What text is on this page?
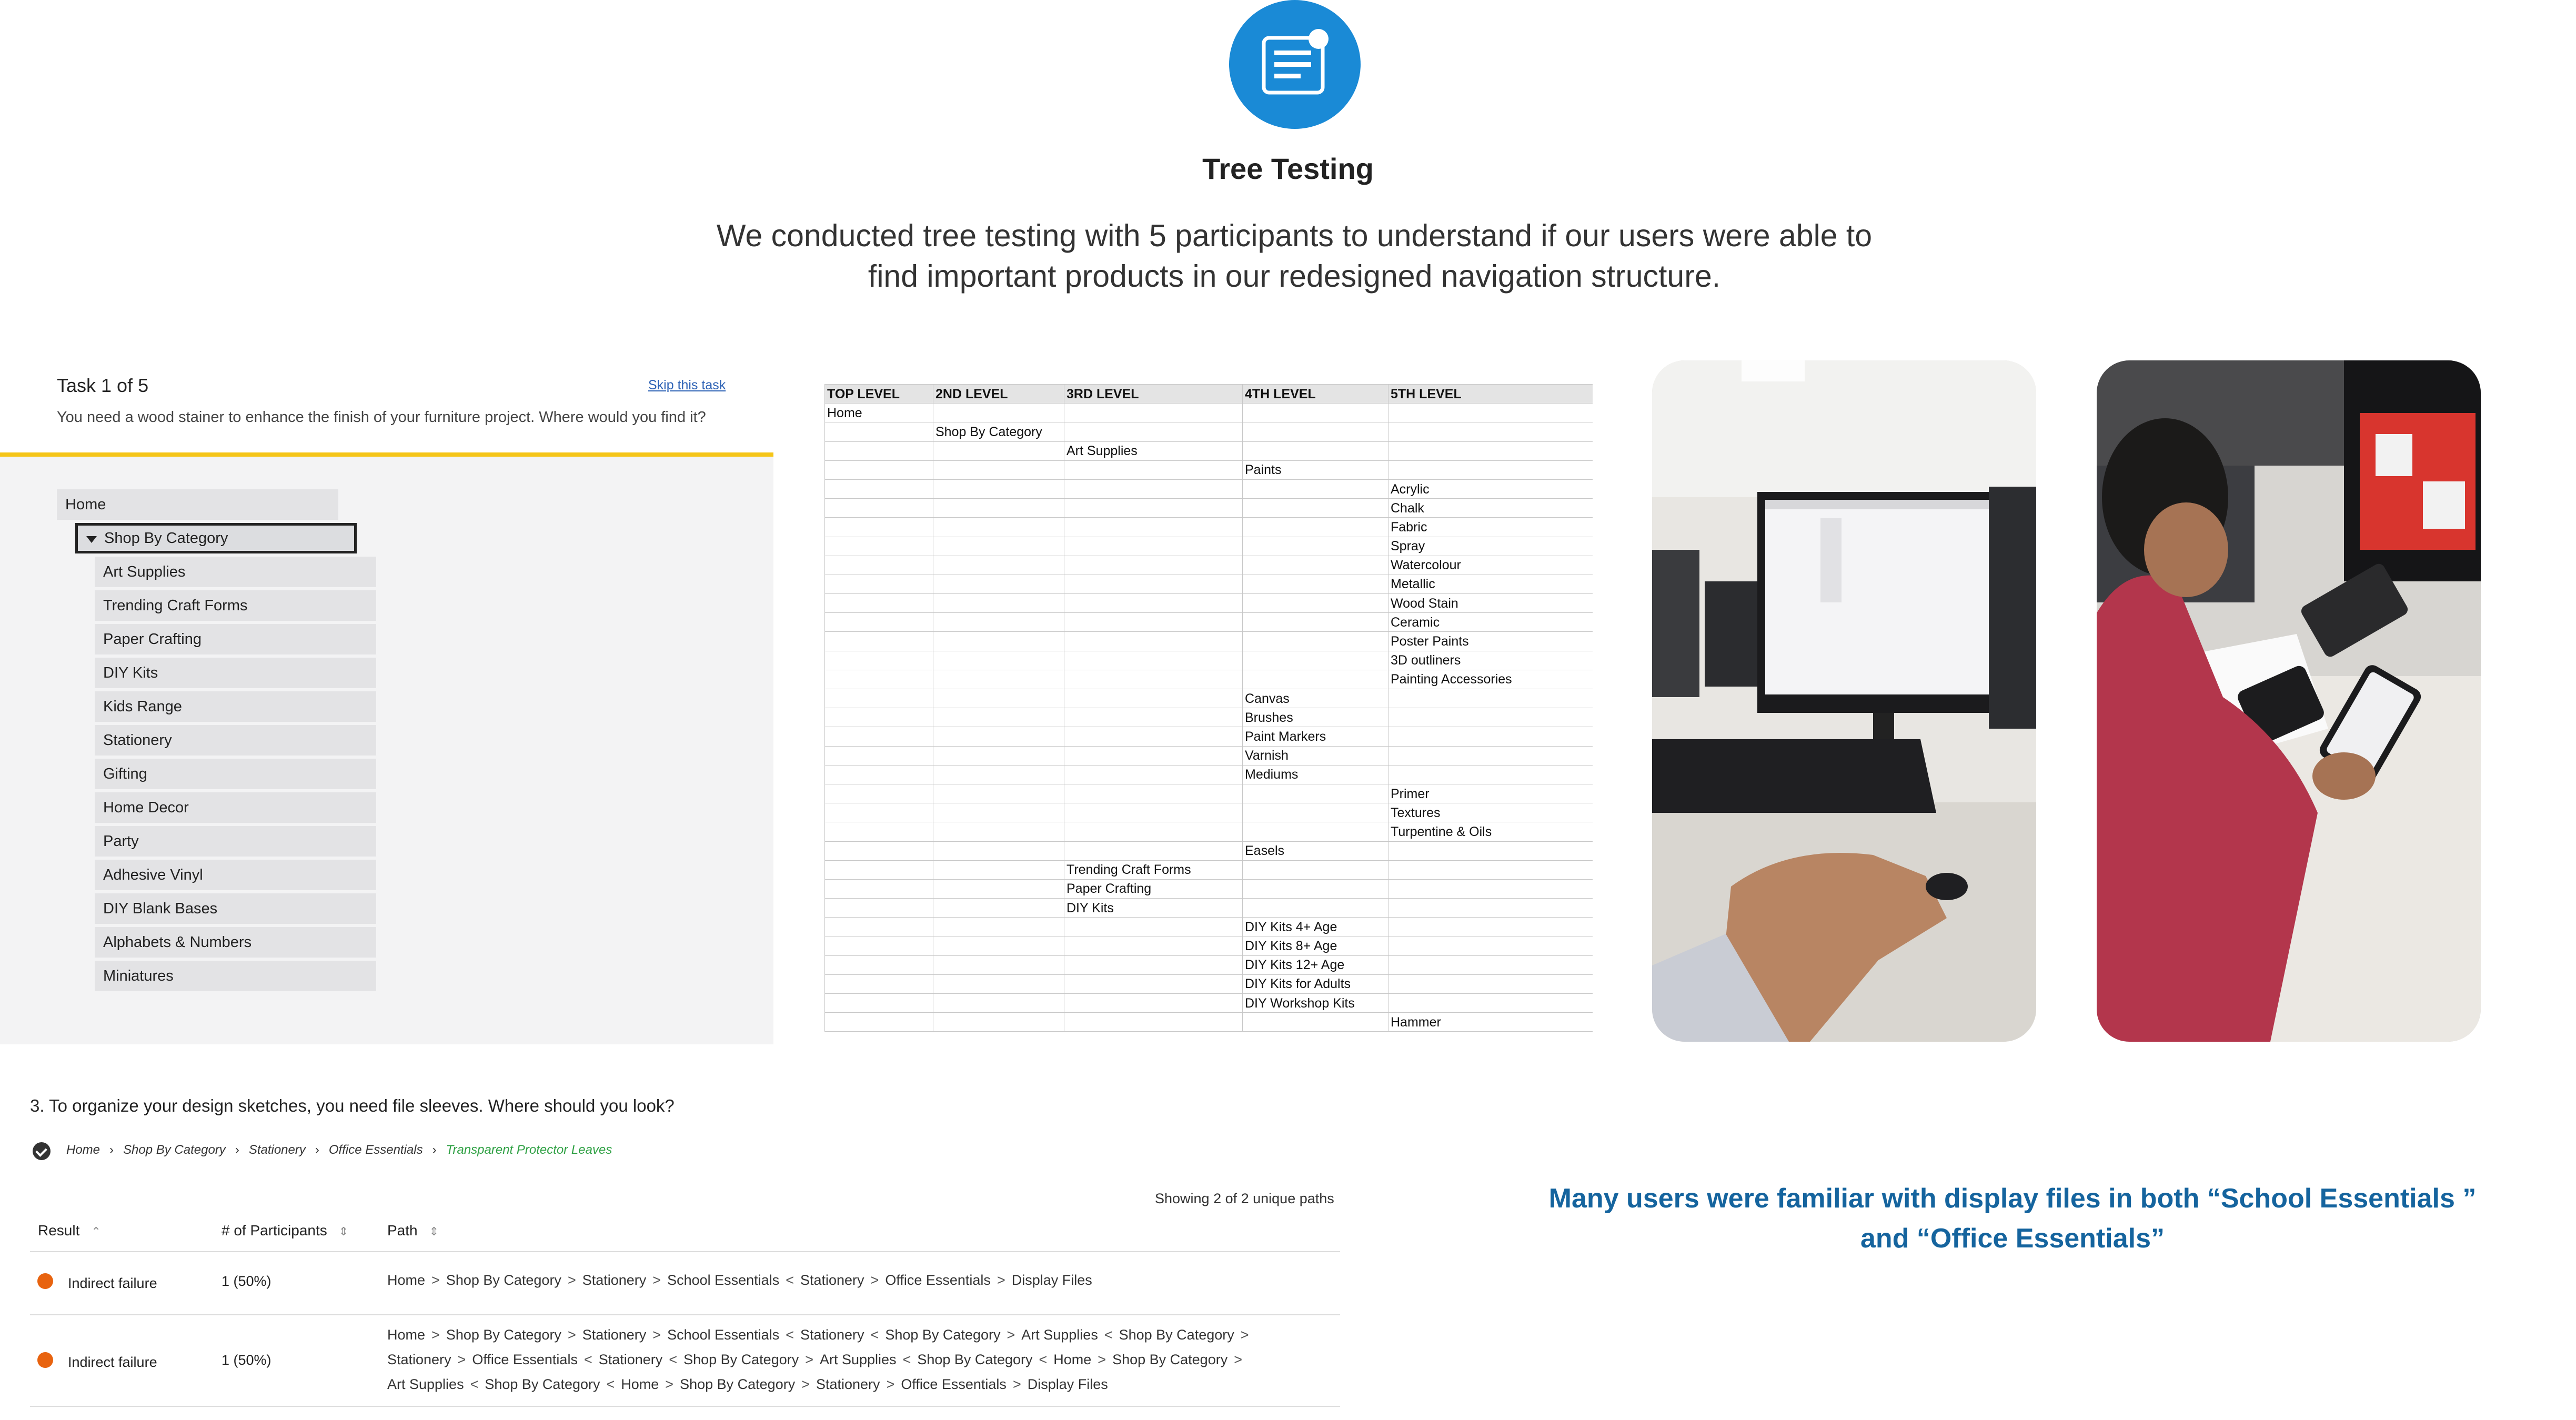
Tree Testing
We conducted tree testing with 5 participants to understand if our users were able to
find important products in our redesigned navigation structure.
Task 1 of 5	Skip this task
You need a wood stainer to enhance the finish of your furniture project. Where would you find it?
Home
Shop By Category
Art Supplies
Trending Craft Forms
Paper Crafting
DIY Kits
Kids Range
Stationery
Gifting
Home Decor
Party
Adhesive Vinyl
DIY Blank Bases
Alphabets & Numbers
Miniatures
TOP LEVEL	2ND LEVEL	3RD LEVEL	4TH LEVEL	5TH LEVEL
Home				
	Shop By Category			
		Art Supplies		
			Paints	
				Acrylic
				Chalk
				Fabric
				Spray
				Watercolour
				Metallic
				Wood Stain
				Ceramic
				Poster Paints
				3D outliners
				Painting Accessories
			Canvas	
			Brushes	
			Paint Markers	
			Varnish	
			Mediums	
				Primer
				Textures
				Turpentine & Oils
			Easels	
		Trending Craft Forms		
		Paper Crafting		
		DIY Kits		
			DIY Kits 4+ Age	
			DIY Kits 8+ Age	
			DIY Kits 12+ Age	
			DIY Kits for Adults	
			DIY Workshop Kits	
				Hammer
3. To organize your design sketches, you need file sleeves. Where should you look?
Home › Shop By Category › Stationery › Office Essentials › Transparent Protector Leaves
Showing 2 of 2 unique paths
Result ⌃	# of Participants ⇕	Path ⇕
Indirect failure	1 (50%)	Home > Shop By Category > Stationery > School Essentials < Stationery > Office Essentials > Display Files
Indirect failure	1 (50%)
Home > Shop By Category > Stationery > School Essentials < Stationery < Shop By Category > Art Supplies < Shop By Category >
Stationery > Office Essentials < Stationery < Shop By Category > Art Supplies < Shop By Category < Home > Shop By Category >
Art Supplies < Shop By Category < Home > Shop By Category > Stationery > Office Essentials > Display Files
Many users were familiar with display files in both “School Essentials ”
and “Office Essentials”
